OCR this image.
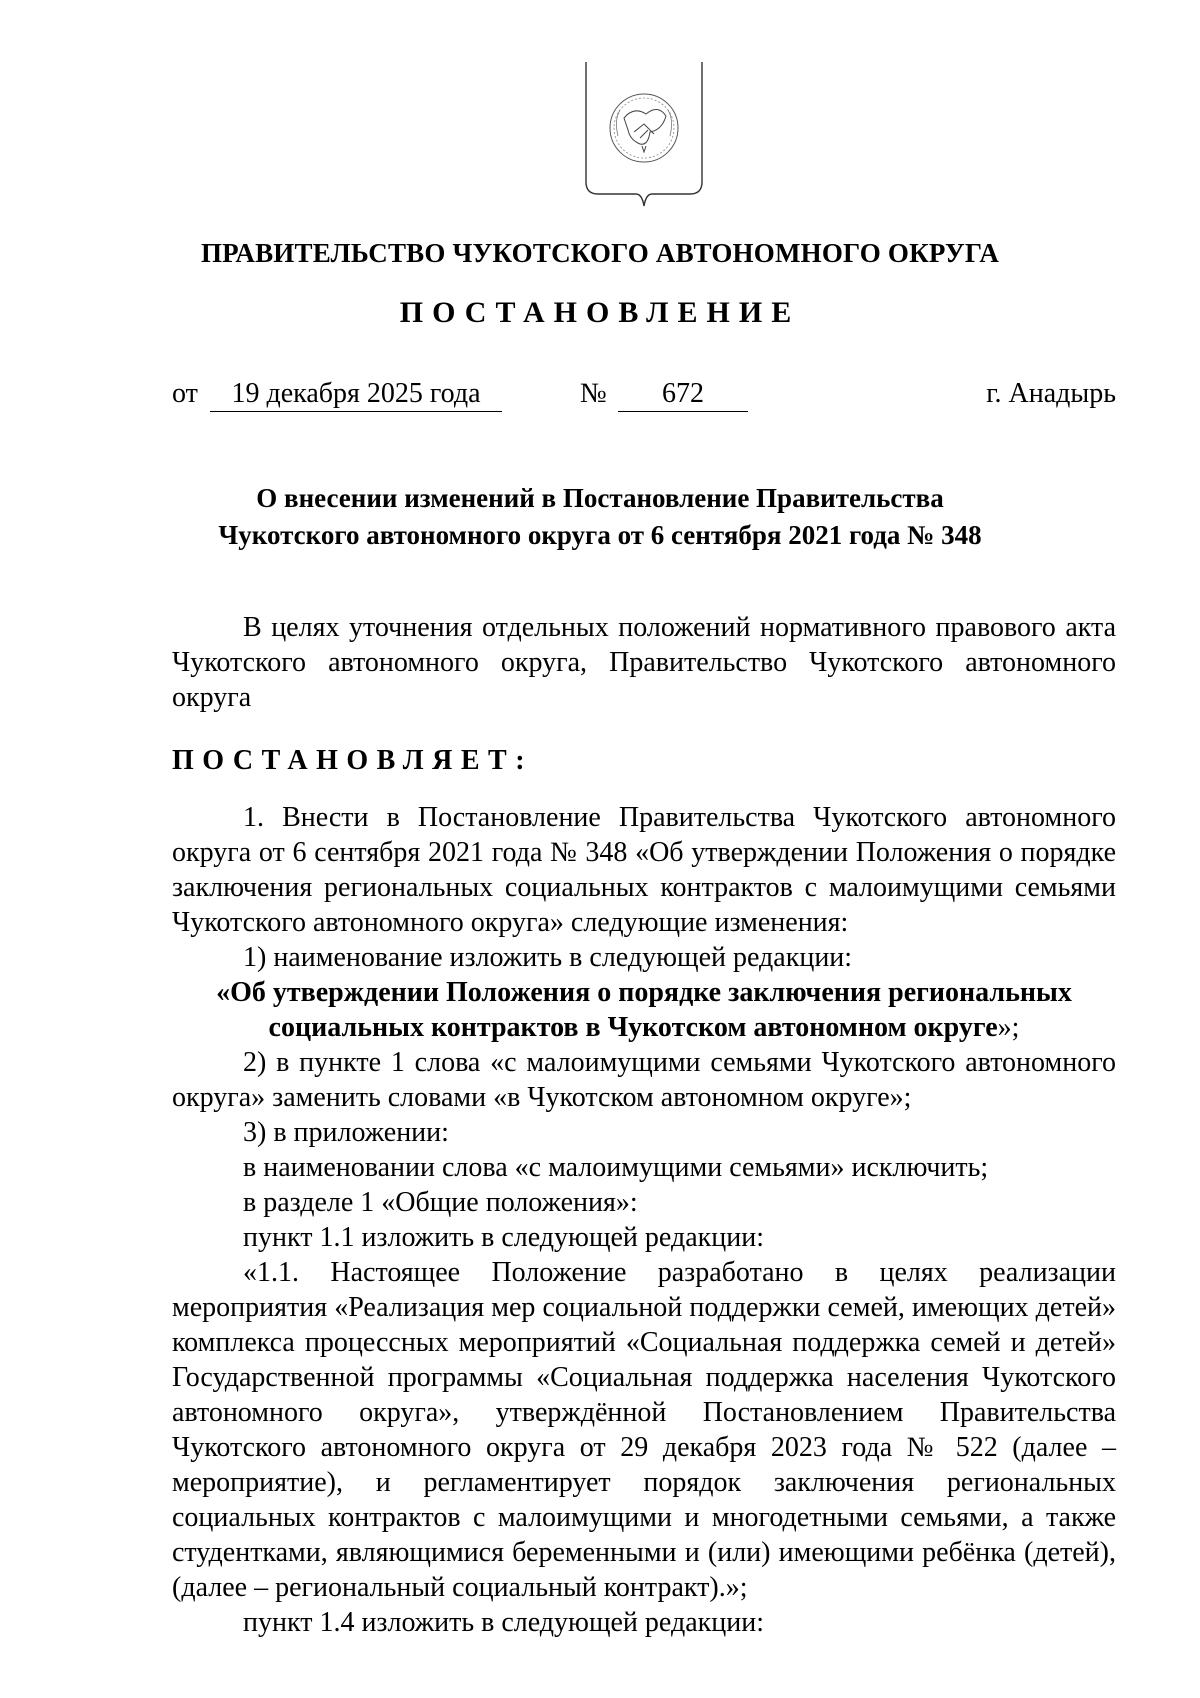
ПРАВИТЕЛЬСТВО ЧУКОТСКОГО АВТОНОМНОГО ОКРУГА
ПОСТАНОВЛЕНИЕ
от	19 декабря 2025 года	№	672	г. Анадырь
О внесении изменений в Постановление Правительства
Чукотского автономного округа от 6 сентября 2021 года № 348
В целях уточнения отдельных положений нормативного правового акта Чукотского автономного округа, Правительство Чукотского автономного округа
ПОСТАНОВЛЯЕТ:
1. Внести в Постановление Правительства Чукотского автономного округа от 6 сентября 2021 года № 348 «Об утверждении Положения о порядке заключения региональных социальных контрактов с малоимущими семьями Чукотского автономного округа» следующие изменения:
1) наименование изложить в следующей редакции:
«Об утверждении Положения о порядке заключения региональных
социальных контрактов в Чукотском автономном округе»;
2) в пункте 1 слова «с малоимущими семьями Чукотского автономного округа» заменить словами «в Чукотском автономном округе»;
3) в приложении:
в наименовании слова «с малоимущими семьями» исключить;
в разделе 1 «Общие положения»:
пункт 1.1 изложить в следующей редакции:
«1.1. Настоящее Положение разработано в целях реализации мероприятия «Реализация мер социальной поддержки семей, имеющих детей» комплекса процессных мероприятий «Социальная поддержка семей и детей» Государственной программы «Социальная поддержка населения Чукотского автономного округа», утверждённой Постановлением Правительства Чукотского автономного округа от 29 декабря 2023 года № 522 (далее – мероприятие), и регламентирует порядок заключения региональных социальных контрактов с малоимущими и многодетными семьями, а также студентками, являющимися беременными и (или) имеющими ребёнка (детей), (далее – региональный социальный контракт).»;
пункт 1.4 изложить в следующей редакции:
